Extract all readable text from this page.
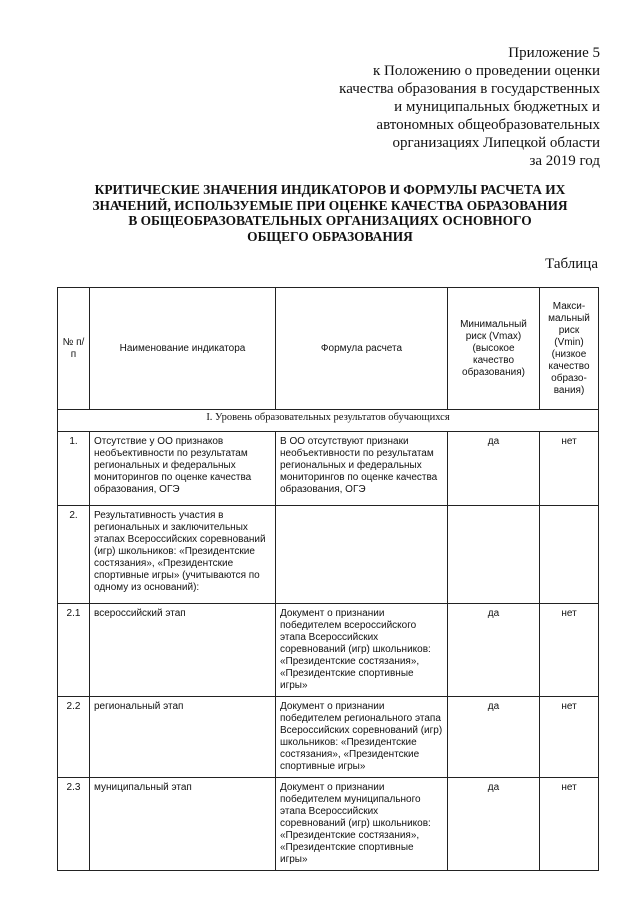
Приложение 5
к Положению о проведении оценки
качества образования в государственных
и муниципальных бюджетных и
автономных общеобразовательных
организациях Липецкой области
за 2019 год
КРИТИЧЕСКИЕ ЗНАЧЕНИЯ ИНДИКАТОРОВ И ФОРМУЛЫ РАСЧЕТА ИХ
ЗНАЧЕНИЙ, ИСПОЛЬЗУЕМЫЕ ПРИ ОЦЕНКЕ КАЧЕСТВА ОБРАЗОВАНИЯ
В ОБЩЕОБРАЗОВАТЕЛЬНЫХ ОРГАНИЗАЦИЯХ ОСНОВНОГО
ОБЩЕГО ОБРАЗОВАНИЯ
Таблица
№ п/п	Наименование индикатора	Формула расчета	Минимальный риск (Vmax) (высокое качество образования)	Макси-мальный риск (Vmin) (низкое качество образо-вания)
I. Уровень образовательных результатов обучающихся				
1.	Отсутствие у ОО признаков необъективности по результатам региональных и федеральных мониторингов по оценке качества образования, ОГЭ	В ОО отсутствуют признаки необъективности по результатам региональных и федеральных мониторингов по оценке качества образования, ОГЭ	да	нет
2.	Результативность участия в региональных и заключительных этапах Всероссийских соревнований (игр) школьников: «Президентские состязания», «Президентские спортивные игры» (учитываются по одному из оснований):			
2.1	всероссийский этап	Документ о признании победителем всероссийского этапа Всероссийских соревнований (игр) школьников: «Президентские состязания», «Президентские спортивные игры»	да	нет
2.2	региональный этап	Документ о признании победителем регионального этапа Всероссийских соревнований (игр) школьников: «Президентские состязания», «Президентские спортивные игры»	да	нет
2.3	муниципальный этап	Документ о признании победителем муниципального этапа Всероссийских соревнований (игр) школьников: «Президентские состязания», «Президентские спортивные игры»	да	нет
